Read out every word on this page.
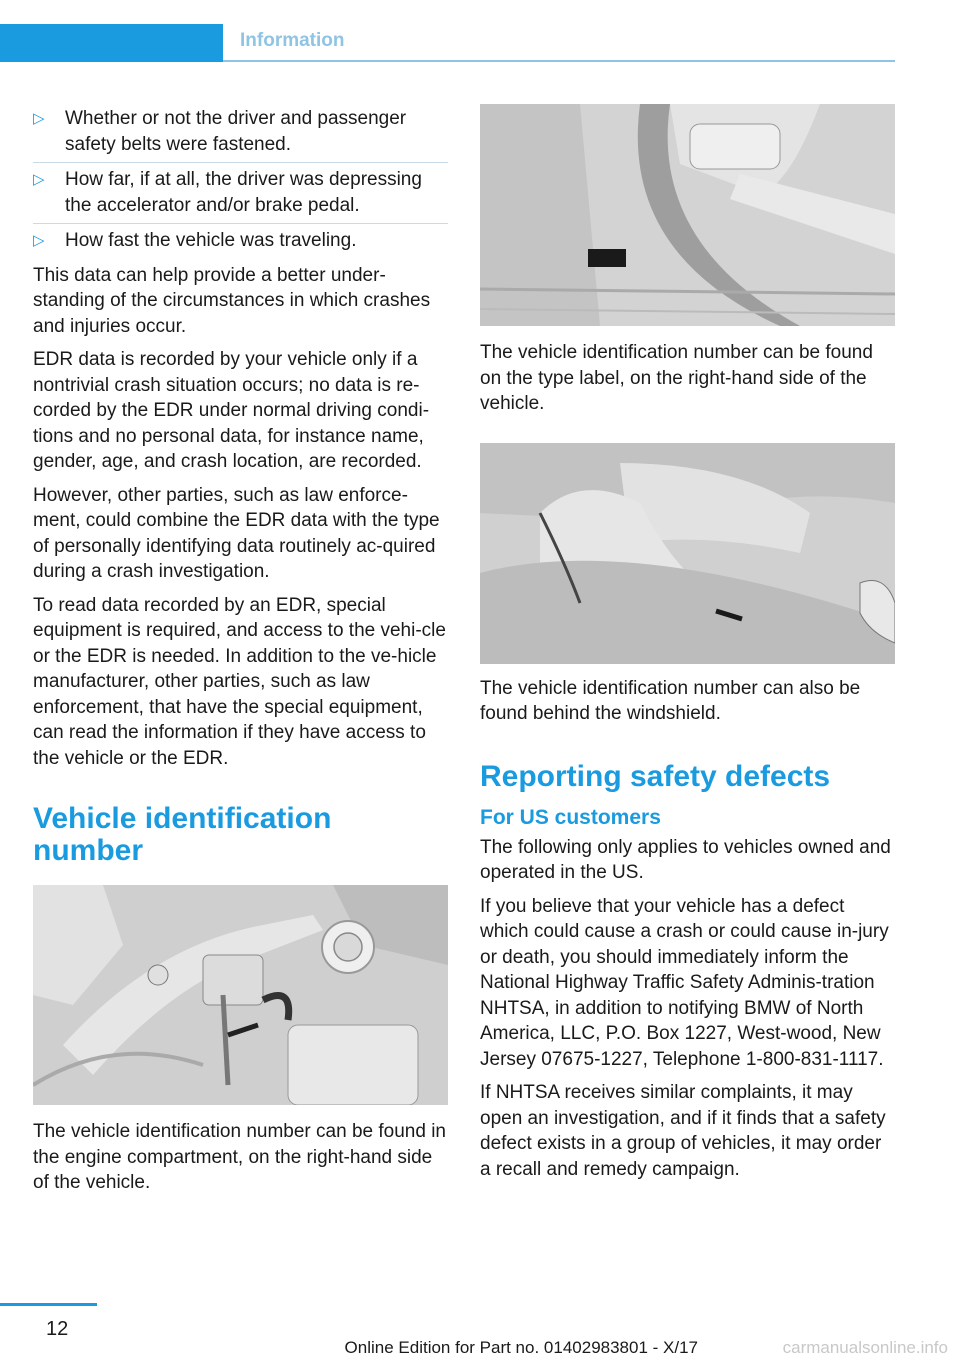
Information
▷	Whether or not the driver and passenger safety belts were fastened.
▷	How far, if at all, the driver was depressing the accelerator and/or brake pedal.
▷	How fast the vehicle was traveling.

This data can help provide a better under-standing of the circumstances in which crashes and injuries occur.

EDR data is recorded by your vehicle only if a nontrivial crash situation occurs; no data is re-corded by the EDR under normal driving condi-tions and no personal data, for instance name, gender, age, and crash location, are recorded.

However, other parties, such as law enforce-ment, could combine the EDR data with the type of personally identifying data routinely ac-quired during a crash investigation.

To read data recorded by an EDR, special equipment is required, and access to the vehi-cle or the EDR is needed. In addition to the ve-hicle manufacturer, other parties, such as law enforcement, that have the special equipment, can read the information if they have access to the vehicle or the EDR.

Vehicle identification number

The vehicle identification number can be found in the engine compartment, on the right-hand side of the vehicle.

The vehicle identification number can be found on the type label, on the right-hand side of the vehicle.

The vehicle identification number can also be found behind the windshield.

Reporting safety defects
For US customers

The following only applies to vehicles owned and operated in the US.

If you believe that your vehicle has a defect which could cause a crash or could cause in-jury or death, you should immediately inform the National Highway Traffic Safety Adminis-tration NHTSA, in addition to notifying BMW of North America, LLC, P.O. Box 1227, West-wood, New Jersey 07675-1227, Telephone 1-800-831-1117.

If NHTSA receives similar complaints, it may open an investigation, and if it finds that a safety defect exists in a group of vehicles, it may order a recall and remedy campaign.

12
Online Edition for Part no. 01402983801 - X/17	carmanualsonline.info
